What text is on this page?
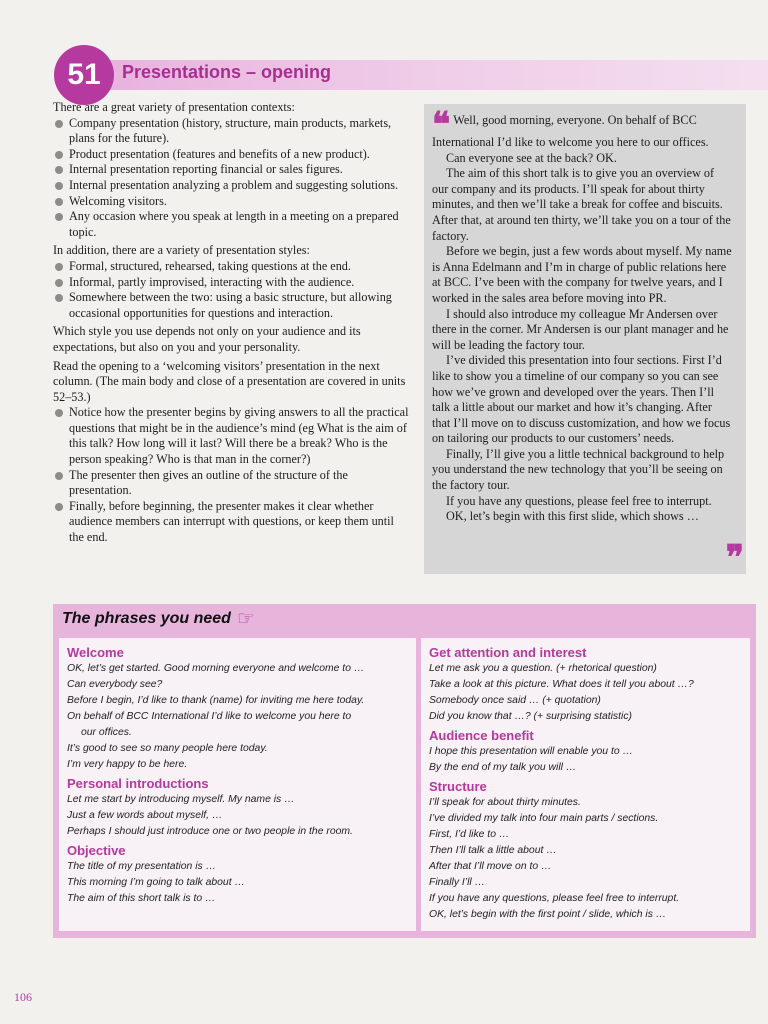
51	Presentations – opening

There are a great variety of presentation contexts:

Company presentation (history, structure, main products, markets, plans for the future).
Product presentation (features and benefits of a new product).
Internal presentation reporting financial or sales figures.
Internal presentation analyzing a problem and suggesting solutions.
Welcoming visitors.
Any occasion where you speak at length in a meeting on a prepared topic.

In addition, there are a variety of presentation styles:

Formal, structured, rehearsed, taking questions at the end.
Informal, partly improvised, interacting with the audience.
Somewhere between the two: using a basic structure, but allowing occasional opportunities for questions and interaction.

Which style you use depends not only on your audience and its expectations, but also on you and your personality.

Read the opening to a ‘welcoming visitors’ presentation in the next column. (The main body and close of a presentation are covered in units 52–53.)

Notice how the presenter begins by giving answers to all the practical questions that might be in the audience’s mind (eg What is the aim of this talk? How long will it last? Will there be a break? Who is the person speaking? Who is that man in the corner?)
The presenter then gives an outline of the structure of the presentation.
Finally, before beginning, the presenter makes it clear whether audience members can interrupt with questions, or keep them until the end.

❝ Well, good morning, everyone. On behalf of BCC International I’d like to welcome you here to our offices.

Can everyone see at the back? OK.

The aim of this short talk is to give you an overview of our company and its products. I’ll speak for about thirty minutes, and then we’ll take a break for coffee and biscuits. After that, at around ten thirty, we’ll take you on a tour of the factory.

Before we begin, just a few words about myself. My name is Anna Edelmann and I’m in charge of public relations here at BCC. I’ve been with the company for twelve years, and I worked in the sales area before moving into PR.

I should also introduce my colleague Mr Andersen over there in the corner. Mr Andersen is our plant manager and he will be leading the factory tour.

I’ve divided this presentation into four sections. First I’d like to show you a timeline of our company so you can see how we’ve grown and developed over the years. Then I’ll talk a little about our market and how it’s changing. After that I’ll move on to discuss customization, and how we focus on tailoring our products to our customers’ needs.

Finally, I’ll give you a little technical background to help you understand the new technology that you’ll be seeing on the factory tour.

If you have any questions, please feel free to interrupt.

OK, let’s begin with this first slide, which shows …

❞
The phrases you need ☞
Welcome
OK, let’s get started. Good morning everyone and welcome to …
Can everybody see?
Before I begin, I’d like to thank (name) for inviting me here today.
On behalf of BCC International I’d like to welcome you here to
our offices.
It’s good to see so many people here today.
I’m very happy to be here.
Personal introductions
Let me start by introducing myself. My name is …
Just a few words about myself, …
Perhaps I should just introduce one or two people in the room.
Objective
The title of my presentation is …
This morning I’m going to talk about …
The aim of this short talk is to …
Get attention and interest
Let me ask you a question. (+ rhetorical question)
Take a look at this picture. What does it tell you about …?
Somebody once said … (+ quotation)
Did you know that …? (+ surprising statistic)
Audience benefit
I hope this presentation will enable you to …
By the end of my talk you will …
Structure
I’ll speak for about thirty minutes.
I’ve divided my talk into four main parts / sections.
First, I’d like to …
Then I’ll talk a little about …
After that I’ll move on to …
Finally I’ll …
If you have any questions, please feel free to interrupt.
OK, let’s begin with the first point / slide, which is …
106
